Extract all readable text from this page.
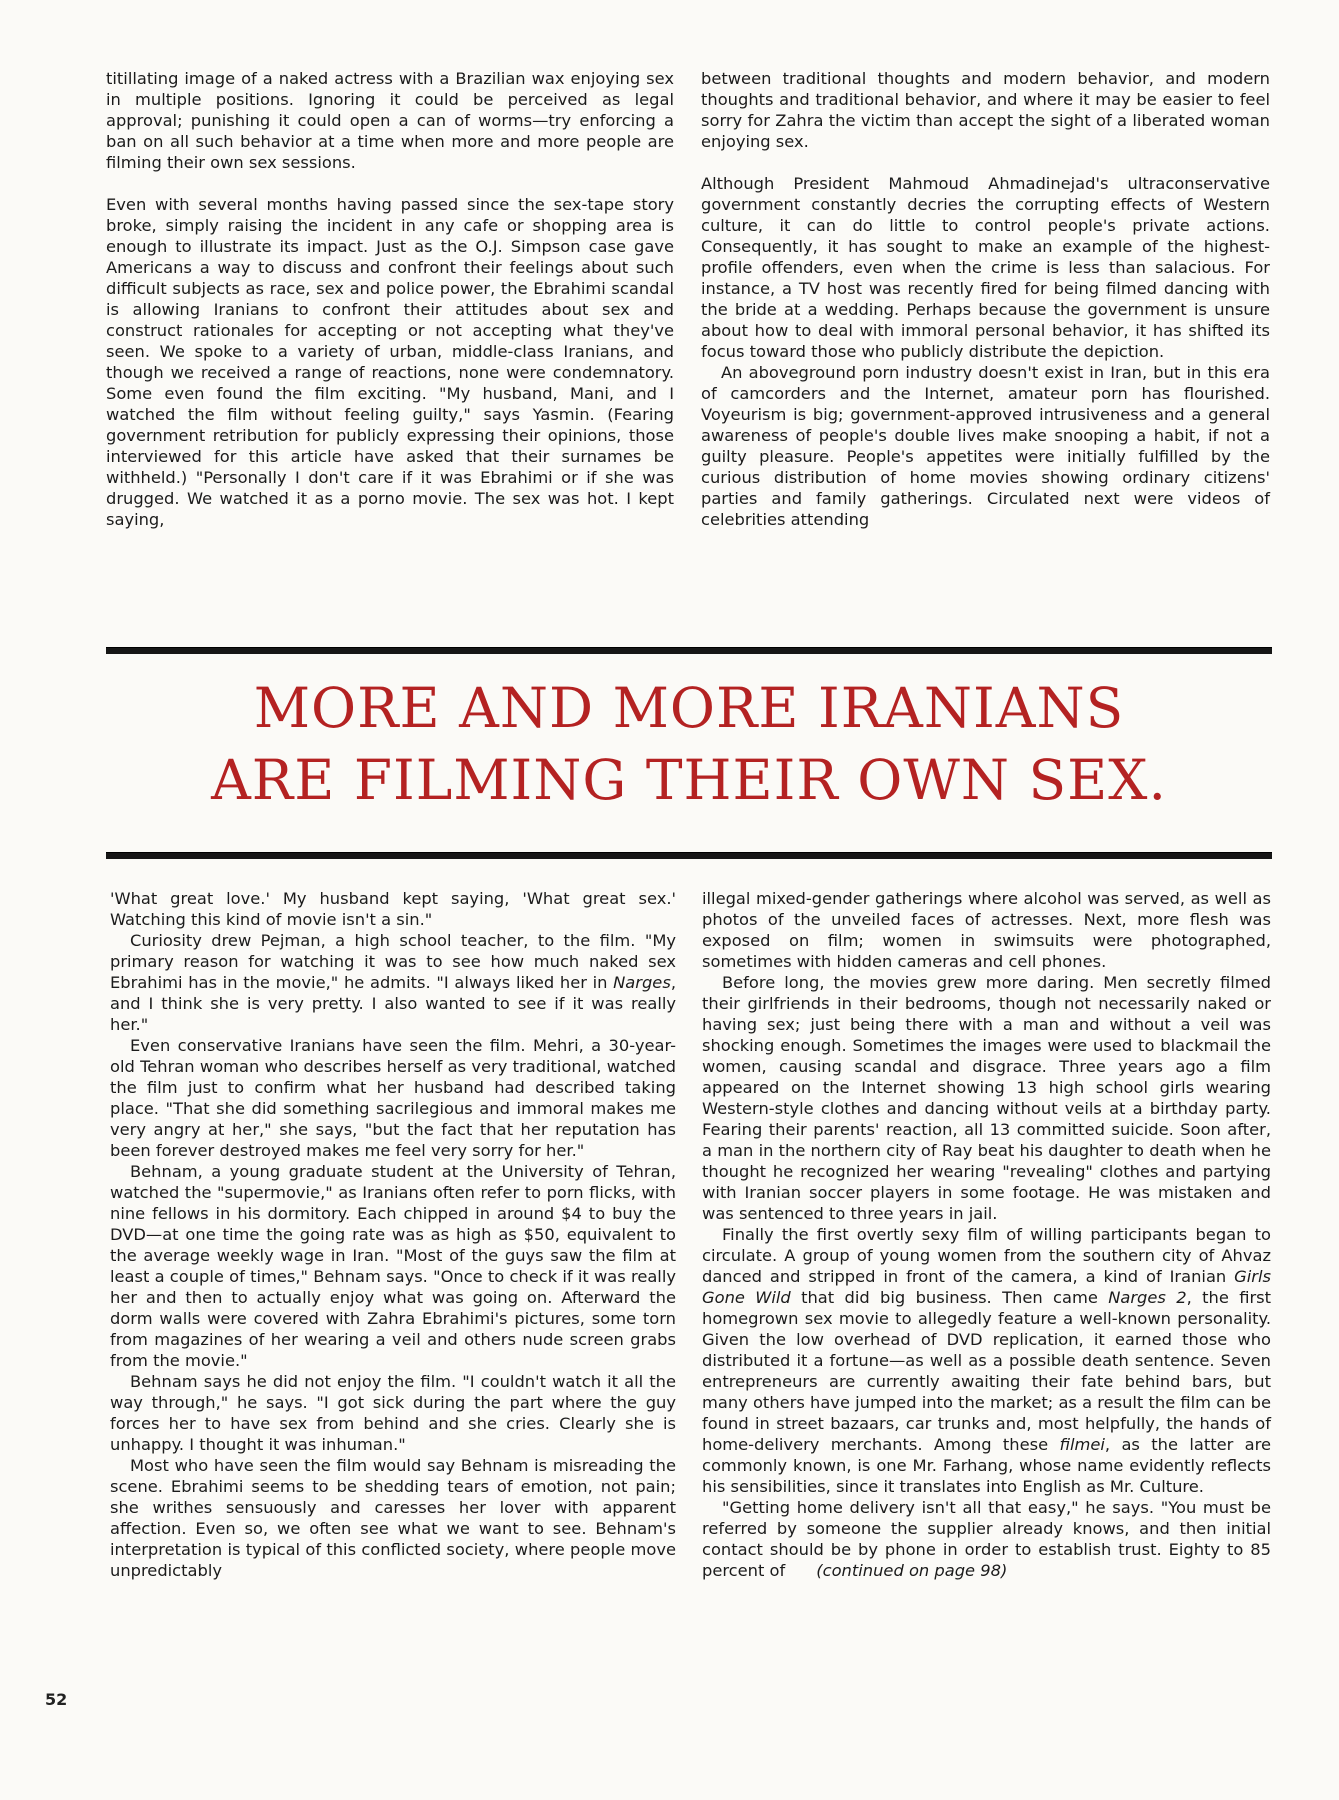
titillating image of a naked actress with a Brazilian wax enjoying sex in multiple positions. Ignoring it could be perceived as legal approval; punishing it could open a can of worms—try enforcing a ban on all such behavior at a time when more and more people are filming their own sex sessions.

Even with several months having passed since the sex-tape story broke, simply raising the incident in any cafe or shopping area is enough to illustrate its impact. Just as the O.J. Simpson case gave Americans a way to discuss and confront their feelings about such difficult subjects as race, sex and police power, the Ebrahimi scandal is allowing Iranians to confront their attitudes about sex and construct rationales for accepting or not accepting what they've seen. We spoke to a variety of urban, middle-class Iranians, and though we received a range of reactions, none were condemnatory. Some even found the film exciting. "My husband, Mani, and I watched the film without feeling guilty," says Yasmin. (Fearing government retribution for publicly expressing their opinions, those interviewed for this article have asked that their surnames be withheld.) "Personally I don't care if it was Ebrahimi or if she was drugged. We watched it as a porno movie. The sex was hot. I kept saying,

between traditional thoughts and modern behavior, and modern thoughts and traditional behavior, and where it may be easier to feel sorry for Zahra the victim than accept the sight of a liberated woman enjoying sex.

Although President Mahmoud Ahmadinejad's ultraconservative government constantly decries the corrupting effects of Western culture, it can do little to control people's private actions. Consequently, it has sought to make an example of the highest-profile offenders, even when the crime is less than salacious. For instance, a TV host was recently fired for being filmed dancing with the bride at a wedding. Perhaps because the government is unsure about how to deal with immoral personal behavior, it has shifted its focus toward those who publicly distribute the depiction.

An aboveground porn industry doesn't exist in Iran, but in this era of camcorders and the Internet, amateur porn has flourished. Voyeurism is big; government-approved intrusiveness and a general awareness of people's double lives make snooping a habit, if not a guilty pleasure. People's appetites were initially fulfilled by the curious distribution of home movies showing ordinary citizens' parties and family gatherings. Circulated next were videos of celebrities attending

MORE AND MORE IRANIANS
ARE FILMING THEIR OWN SEX.

'What great love.' My husband kept saying, 'What great sex.' Watching this kind of movie isn't a sin."

Curiosity drew Pejman, a high school teacher, to the film. "My primary reason for watching it was to see how much naked sex Ebrahimi has in the movie," he admits. "I always liked her in Narges, and I think she is very pretty. I also wanted to see if it was really her."

Even conservative Iranians have seen the film. Mehri, a 30-year-old Tehran woman who describes herself as very traditional, watched the film just to confirm what her husband had described taking place. "That she did something sacrilegious and immoral makes me very angry at her," she says, "but the fact that her reputation has been forever destroyed makes me feel very sorry for her."

Behnam, a young graduate student at the University of Tehran, watched the "supermovie," as Iranians often refer to porn flicks, with nine fellows in his dormitory. Each chipped in around $4 to buy the DVD—at one time the going rate was as high as $50, equivalent to the average weekly wage in Iran. "Most of the guys saw the film at least a couple of times," Behnam says. "Once to check if it was really her and then to actually enjoy what was going on. Afterward the dorm walls were covered with Zahra Ebrahimi's pictures, some torn from magazines of her wearing a veil and others nude screen grabs from the movie."

Behnam says he did not enjoy the film. "I couldn't watch it all the way through," he says. "I got sick during the part where the guy forces her to have sex from behind and she cries. Clearly she is unhappy. I thought it was inhuman."

Most who have seen the film would say Behnam is misreading the scene. Ebrahimi seems to be shedding tears of emotion, not pain; she writhes sensuously and caresses her lover with apparent affection. Even so, we often see what we want to see. Behnam's interpretation is typical of this conflicted society, where people move unpredictably

illegal mixed-gender gatherings where alcohol was served, as well as photos of the unveiled faces of actresses. Next, more flesh was exposed on film; women in swimsuits were photographed, sometimes with hidden cameras and cell phones.

Before long, the movies grew more daring. Men secretly filmed their girlfriends in their bedrooms, though not necessarily naked or having sex; just being there with a man and without a veil was shocking enough. Sometimes the images were used to blackmail the women, causing scandal and disgrace. Three years ago a film appeared on the Internet showing 13 high school girls wearing Western-style clothes and dancing without veils at a birthday party. Fearing their parents' reaction, all 13 committed suicide. Soon after, a man in the northern city of Ray beat his daughter to death when he thought he recognized her wearing "revealing" clothes and partying with Iranian soccer players in some footage. He was mistaken and was sentenced to three years in jail.

Finally the first overtly sexy film of willing participants began to circulate. A group of young women from the southern city of Ahvaz danced and stripped in front of the camera, a kind of Iranian Girls Gone Wild that did big business. Then came Narges 2, the first homegrown sex movie to allegedly feature a well-known personality. Given the low overhead of DVD replication, it earned those who distributed it a fortune—as well as a possible death sentence. Seven entrepreneurs are currently awaiting their fate behind bars, but many others have jumped into the market; as a result the film can be found in street bazaars, car trunks and, most helpfully, the hands of home-delivery merchants. Among these filmei, as the latter are commonly known, is one Mr. Farhang, whose name evidently reflects his sensibilities, since it translates into English as Mr. Culture.

"Getting home delivery isn't all that easy," he says. "You must be referred by someone the supplier already knows, and then initial contact should be by phone in order to establish trust. Eighty to 85 percent of (continued on page 98)

52
